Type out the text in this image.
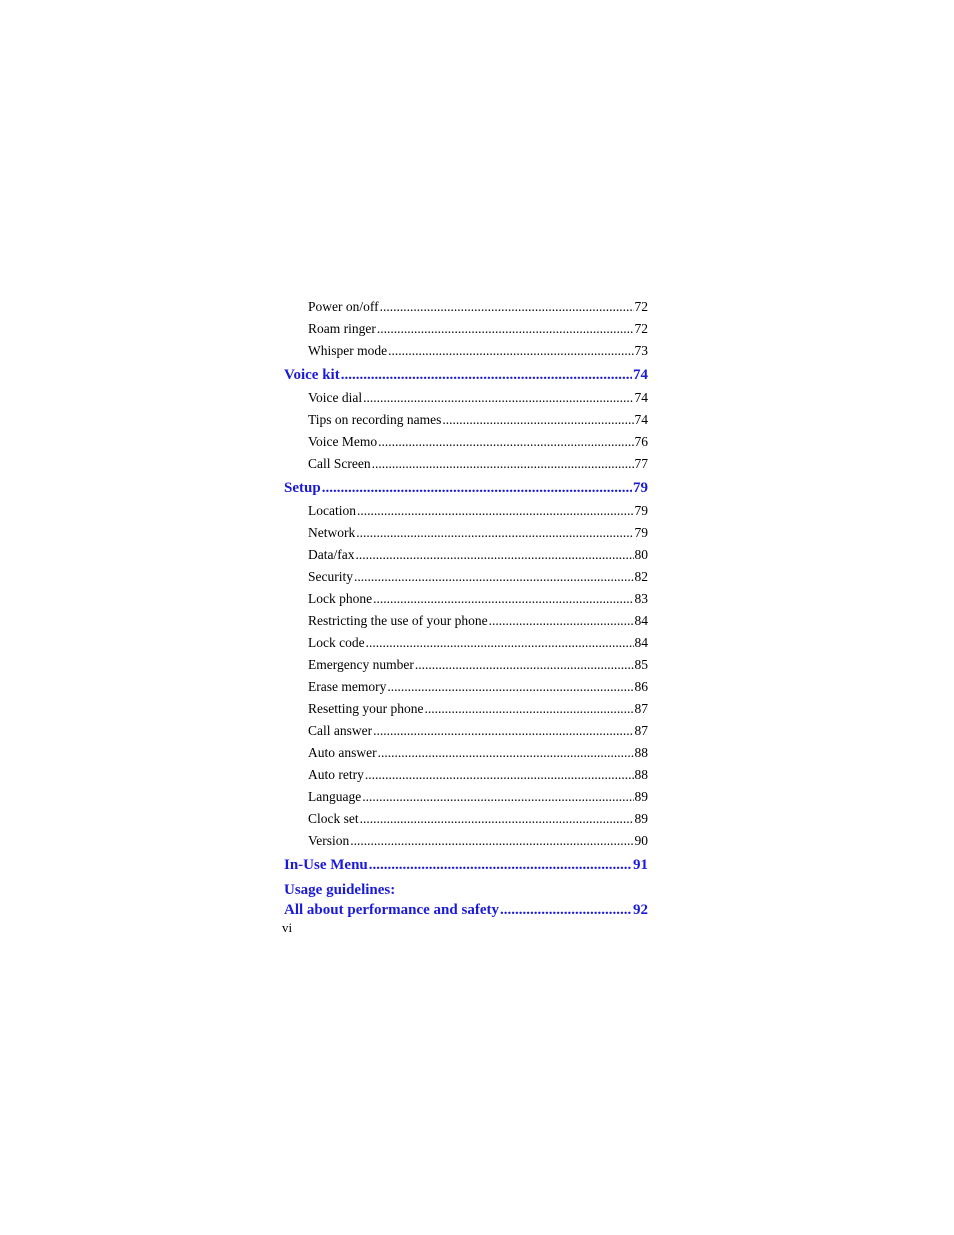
Power on/off .....	72
Roam ringer .....	72
Whisper mode .....	73
Voice kit .....	74
Voice dial .....	74
Tips on recording names .....	74
Voice Memo .....	76
Call Screen .....	77
Setup .....	79
Location .....	79
Network .....	79
Data/fax .....	80
Security .....	82
Lock phone .....	83
Restricting the use of your phone .....	84
Lock code .....	84
Emergency number .....	85
Erase memory .....	86
Resetting your phone .....	87
Call answer .....	87
Auto answer .....	88
Auto retry .....	88
Language .....	89
Clock set .....	89
Version .....	90
In-Use Menu .....	91
Usage guidelines:
All about performance and safety .....	92
vi
